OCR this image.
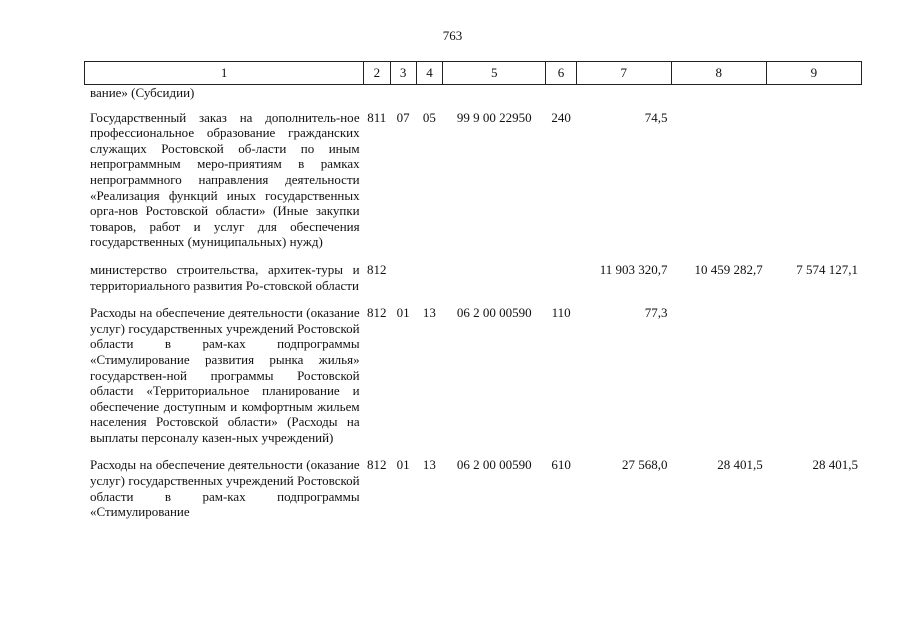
763
1	2	3	4	5	6	7	8	9
вание» (Субсидии)								

Государственный заказ на дополнитель-ное профессиональное образование гражданских служащих Ростовской об-ласти по иным непрограммным меро-приятиям в рамках непрограммного направления деятельности «Реализация функций иных государственных орга-нов Ростовской области» (Иные закупки товаров, работ и услуг для обеспечения государственных (муниципальных) нужд)	811	07	05	99 9 00 22950	240	74,5		

министерство строительства, архитек-туры и территориального развития Ро-стовской области	812					11 903 320,7	10 459 282,7	7 574 127,1

Расходы на обеспечение деятельности (оказание услуг) государственных учреждений Ростовской области в рам-ках подпрограммы «Стимулирование развития рынка жилья» государствен-ной программы Ростовской области «Территориальное планирование и обеспечение доступным и комфортным жильем населения Ростовской области» (Расходы на выплаты персоналу казен-ных учреждений)	812	01	13	06 2 00 00590	110	77,3		

Расходы на обеспечение деятельности (оказание услуг) государственных учреждений Ростовской области в рам-ках подпрограммы «Стимулирование	812	01	13	06 2 00 00590	610	27 568,0	28 401,5	28 401,5
